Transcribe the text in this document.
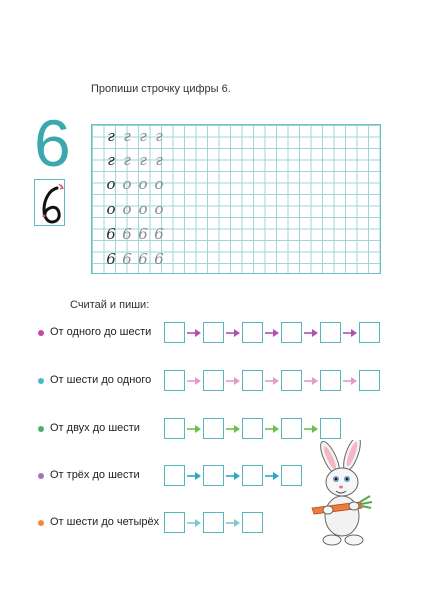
Пропиши строчку цифры 6.
6 г г г г
г г г г
о о о о
о о о о
6 6 6 6
6 6 6 6
Считай и пиши:
От одного до шести
От шести до одного
От двух до шести
От трёх до шести
От шести до четырёх
